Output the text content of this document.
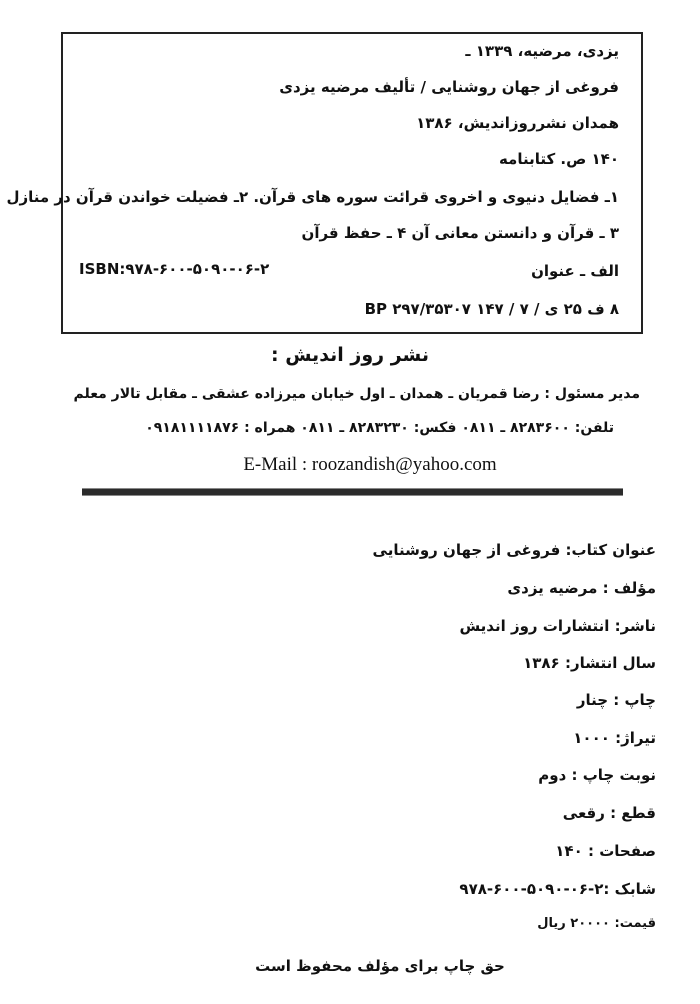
یزدی، مرضیه، ۱۳۳۹ ـ
فروغی از جهان روشنایی / تألیف مرضیه یزدی
همدان نشرروزاندیش، ۱۳۸۶
۱۴۰ ص. کتابنامه
۱ـ فضایل دنیوی و اخروی قرائت سوره های قرآن. ۲ـ فضیلت خواندن قرآن در منازل
۳ ـ قرآن و دانستن معانی آن ۴ ـ حفظ قرآن
الف ـ عنوان
ISBN:۹۷۸-۶۰۰-۵۰۹۰-۰۶-۲
۸ ف ۲۵ ی / ۷ / ۱۴۷ BP ۲۹۷/۳۵۳۰۷
نشر روز اندیش :
مدیر مسئول : رضا قمریان ـ همدان ـ اول خیابان میرزاده عشقی ـ مقابل تالار معلم
تلفن: ۸۲۸۳۶۰۰ ـ ۰۸۱۱ فکس: ۸۲۸۳۲۳۰ ـ ۰۸۱۱ همراه : ۰۹۱۸۱۱۱۱۸۷۶
E-Mail : roozandish@yahoo.com
عنوان کتاب: فروغی از جهان روشنایی
مؤلف : مرضیه یزدی
ناشر: انتشارات روز اندیش
سال انتشار: ۱۳۸۶
چاپ : چنار
تیراژ: ۱۰۰۰
نوبت چاپ : دوم
قطع : رقعی
صفحات : ۱۴۰
شابک :۲-۰۶-۵۰۹۰-۶۰۰-۹۷۸
قیمت: ۲۰۰۰۰ ریال
حق چاپ برای مؤلف محفوظ است
